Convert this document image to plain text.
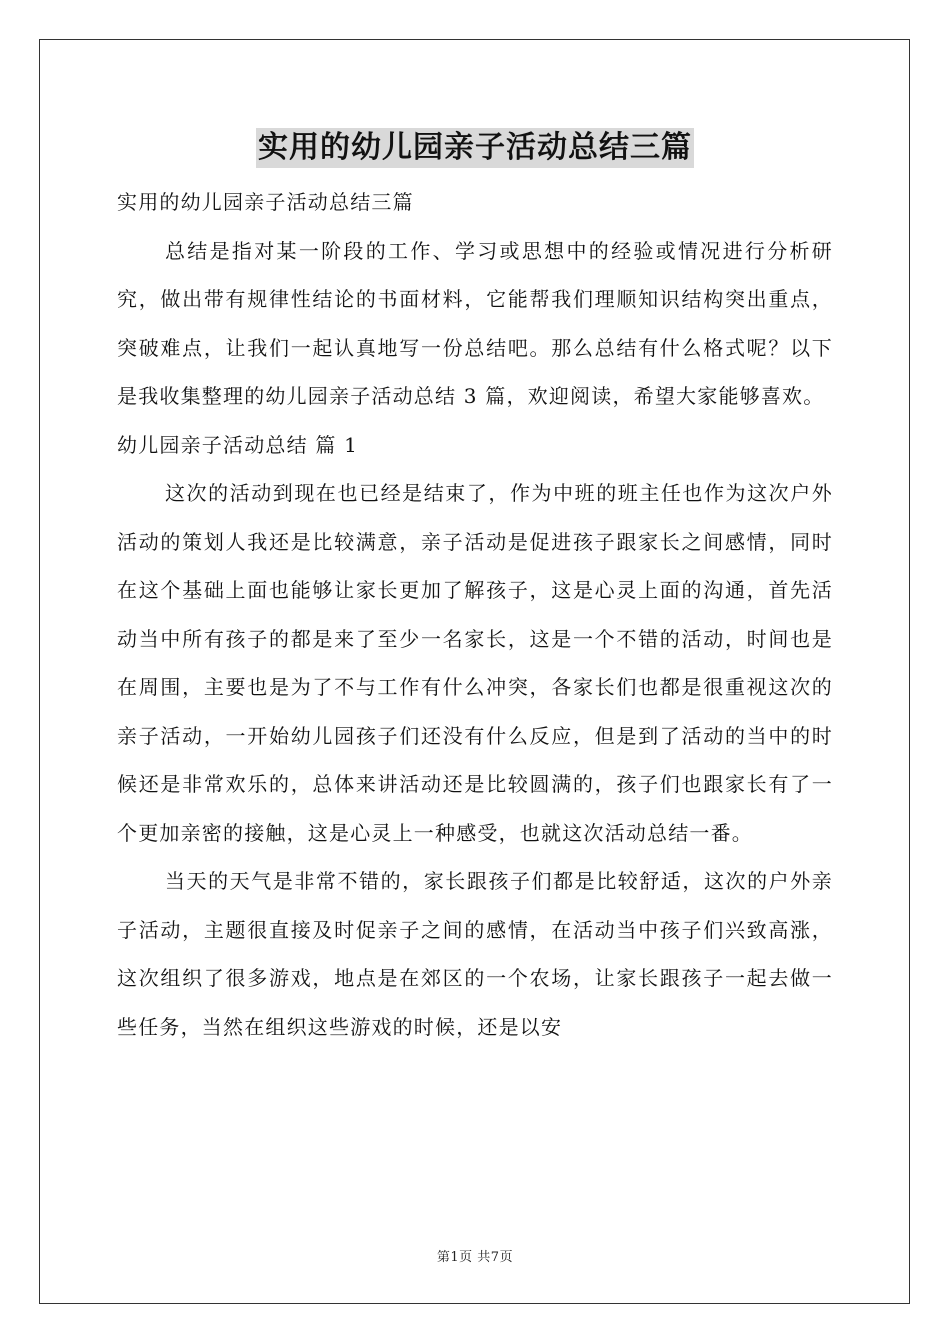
实用的幼儿园亲子活动总结三篇

实用的幼儿园亲子活动总结三篇

总结是指对某一阶段的工作、学习或思想中的经验或情况进行分析研究，做出带有规律性结论的书面材料，它能帮我们理顺知识结构突出重点，突破难点，让我们一起认真地写一份总结吧。那么总结有什么格式呢？以下是我收集整理的幼儿园亲子活动总结 3 篇，欢迎阅读，希望大家能够喜欢。

幼儿园亲子活动总结 篇 1

这次的活动到现在也已经是结束了，作为中班的班主任也作为这次户外活动的策划人我还是比较满意，亲子活动是促进孩子跟家长之间感情，同时在这个基础上面也能够让家长更加了解孩子，这是心灵上面的沟通，首先活动当中所有孩子的都是来了至少一名家长，这是一个不错的活动，时间也是在周围，主要也是为了不与工作有什么冲突，各家长们也都是很重视这次的亲子活动，一开始幼儿园孩子们还没有什么反应，但是到了活动的当中的时候还是非常欢乐的，总体来讲活动还是比较圆满的，孩子们也跟家长有了一个更加亲密的接触，这是心灵上一种感受，也就这次活动总结一番。

当天的天气是非常不错的，家长跟孩子们都是比较舒适，这次的户外亲子活动，主题很直接及时促亲子之间的感情，在活动当中孩子们兴致高涨，这次组织了很多游戏，地点是在郊区的一个农场，让家长跟孩子一起去做一些任务，当然在组织这些游戏的时候，还是以安

第1页 共7页
